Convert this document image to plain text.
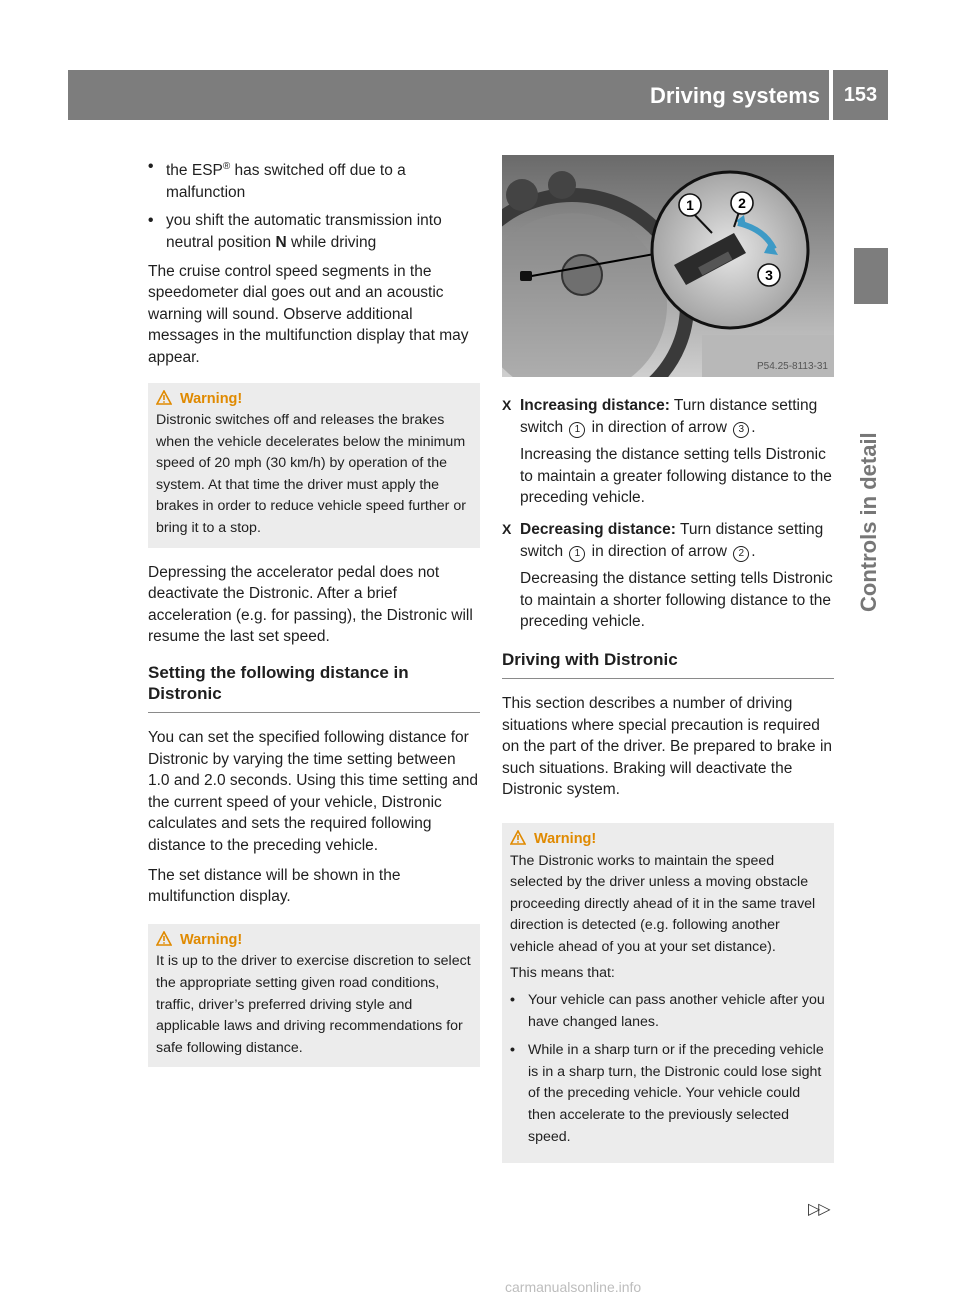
Driving systems	153
Controls in detail
• the ESP® has switched off due to a malfunction
• you shift the automatic transmission into neutral position N while driving

The cruise control speed segments in the speedometer dial goes out and an acoustic warning will sound. Observe additional messages in the multifunction display that may appear.

Warning!
Distronic switches off and releases the brakes when the vehicle decelerates below the minimum speed of 20 mph (30 km/h) by operation of the system. At that time the driver must apply the brakes in order to reduce vehicle speed further or bring it to a stop.

Depressing the accelerator pedal does not deactivate the Distronic. After a brief acceleration (e.g. for passing), the Distronic will resume the last set speed.

Setting the following distance in Distronic

You can set the specified following distance for Distronic by varying the time setting between 1.0 and 2.0 seconds. Using this time setting and the current speed of your vehicle, Distronic calculates and sets the required following distance to the preceding vehicle.

The set distance will be shown in the multifunction display.

Warning!
It is up to the driver to exercise discretion to select the appropriate setting given road conditions, traffic, driver’s preferred driving style and applicable laws and driving recommendations for safe following distance.
1	2
3
P54.25-8113-31
X Increasing distance: Turn distance setting switch 1 in direction of arrow 3 .
Increasing the distance setting tells Distronic to maintain a greater following distance to the preceding vehicle.
X Decreasing distance: Turn distance setting switch 1 in direction of arrow 2 .
Decreasing the distance setting tells Distronic to maintain a shorter following distance to the preceding vehicle.
Driving with Distronic

This section describes a number of driving situations where special precaution is required on the part of the driver. Be prepared to brake in such situations. Braking will deactivate the Distronic system.

Warning!
The Distronic works to maintain the speed selected by the driver unless a moving obstacle proceeding directly ahead of it in the same travel direction is detected (e.g. following another vehicle ahead of you at your set distance).
This means that:
• Your vehicle can pass another vehicle after you have changed lanes.
• While in a sharp turn or if the preceding vehicle is in a sharp turn, the Distronic could lose sight of the preceding vehicle. Your vehicle could then accelerate to the previously selected speed.
▷▷
carmanualsonline.info
